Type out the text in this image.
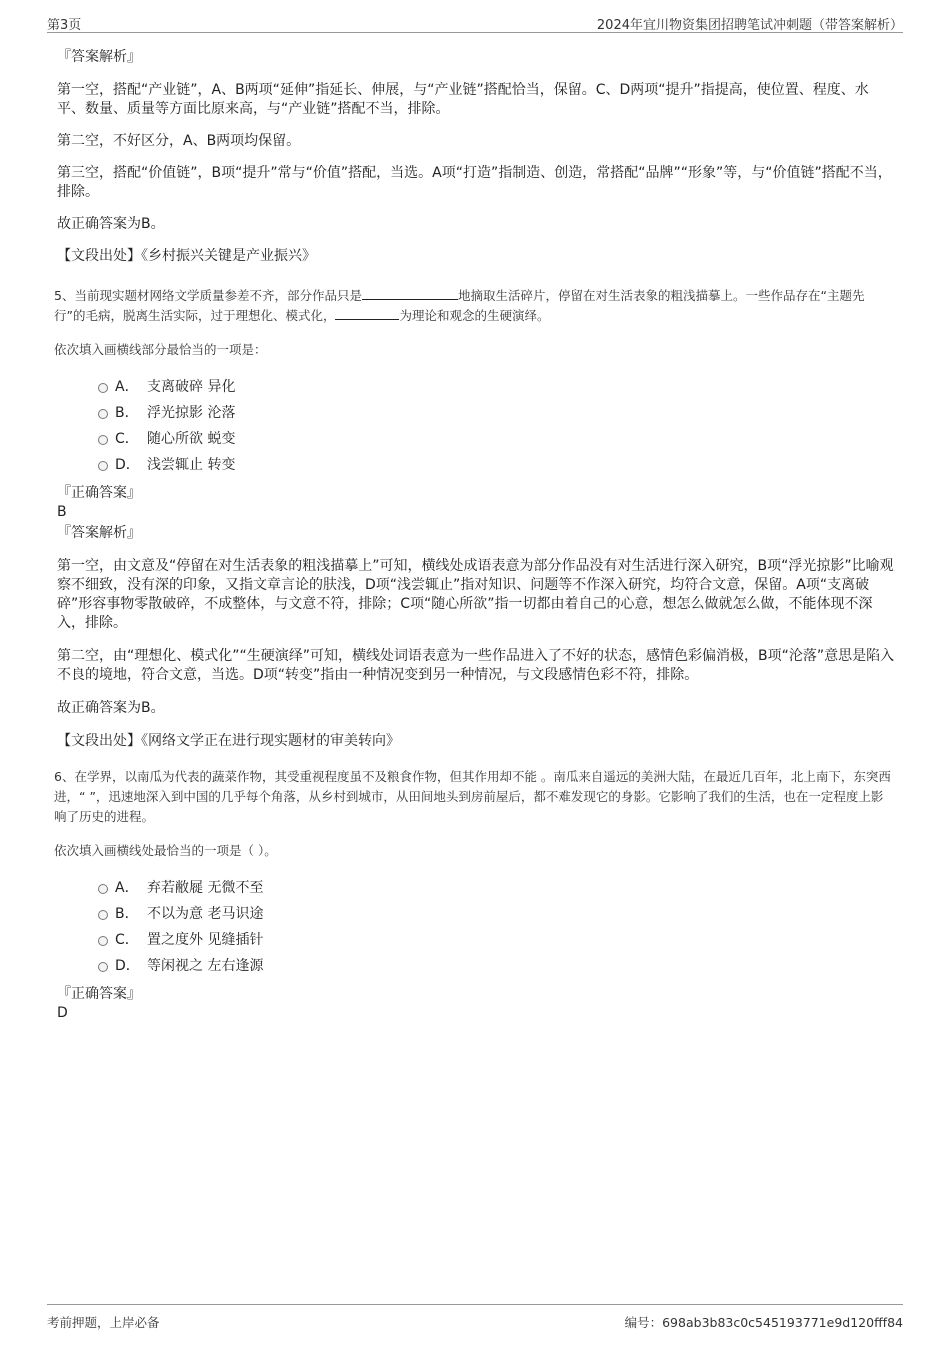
第3页	2024年宜川物资集团招聘笔试冲刺题（带答案解析）

『答案解析』

第一空，搭配“产业链”，A、B两项“延伸”指延长、伸展，与“产业链”搭配恰当，保留。C、D两项“提升”指提高，使位置、程度、水平、数量、质量等方面比原来高，与“产业链”搭配不当，排除。

第二空，不好区分，A、B两项均保留。

第三空，搭配“价值链”，B项“提升”常与“价值”搭配，当选。A项“打造”指制造、创造，常搭配“品牌”“形象”等，与“价值链”搭配不当，排除。

故正确答案为B。

【文段出处】《乡村振兴关键是产业振兴》

5、当前现实题材网络文学质量参差不齐，部分作品只是	地摘取生活碎片，停留在对生活表象的粗浅描摹上。一些作品存在“主题先行”的毛病，脱离生活实际，过于理想化、模式化，	为理论和观念的生硬演绎。

依次填入画横线部分最恰当的一项是：

A． 支离破碎 异化
B． 浮光掠影 沦落
C． 随心所欲 蜕变
D． 浅尝辄止 转变

『正确答案』

B

『答案解析』

第一空，由文意及“停留在对生活表象的粗浅描摹上”可知，横线处成语表意为部分作品没有对生活进行深入研究，B项“浮光掠影”比喻观察不细致，没有深的印象，又指文章言论的肤浅，D项“浅尝辄止”指对知识、问题等不作深入研究，均符合文意，保留。A项“支离破碎”形容事物零散破碎，不成整体，与文意不符，排除；C项“随心所欲”指一切都由着自己的心意，想怎么做就怎么做，不能体现不深入，排除。

第二空，由“理想化、模式化”“生硬演绎”可知，横线处词语表意为一些作品进入了不好的状态，感情色彩偏消极，B项“沦落”意思是陷入不良的境地，符合文意，当选。D项“转变”指由一种情况变到另一种情况，与文段感情色彩不符，排除。

故正确答案为B。

【文段出处】《网络文学正在进行现实题材的审美转向》

6、在学界，以南瓜为代表的蔬菜作物，其受重视程度虽不及粮食作物，但其作用却不能 。南瓜来自遥远的美洲大陆，在最近几百年，北上南下，东突西进，“ ”，迅速地深入到中国的几乎每个角落，从乡村到城市，从田间地头到房前屋后，都不难发现它的身影。它影响了我们的生活，也在一定程度上影响了历史的进程。

依次填入画横线处最恰当的一项是（ ）。

A． 弃若敝屣 无微不至
B． 不以为意 老马识途
C． 置之度外 见缝插针
D． 等闲视之 左右逢源

『正确答案』

D

考前押题，上岸必备	编号：698ab3b83c0c545193771e9d120fff84
